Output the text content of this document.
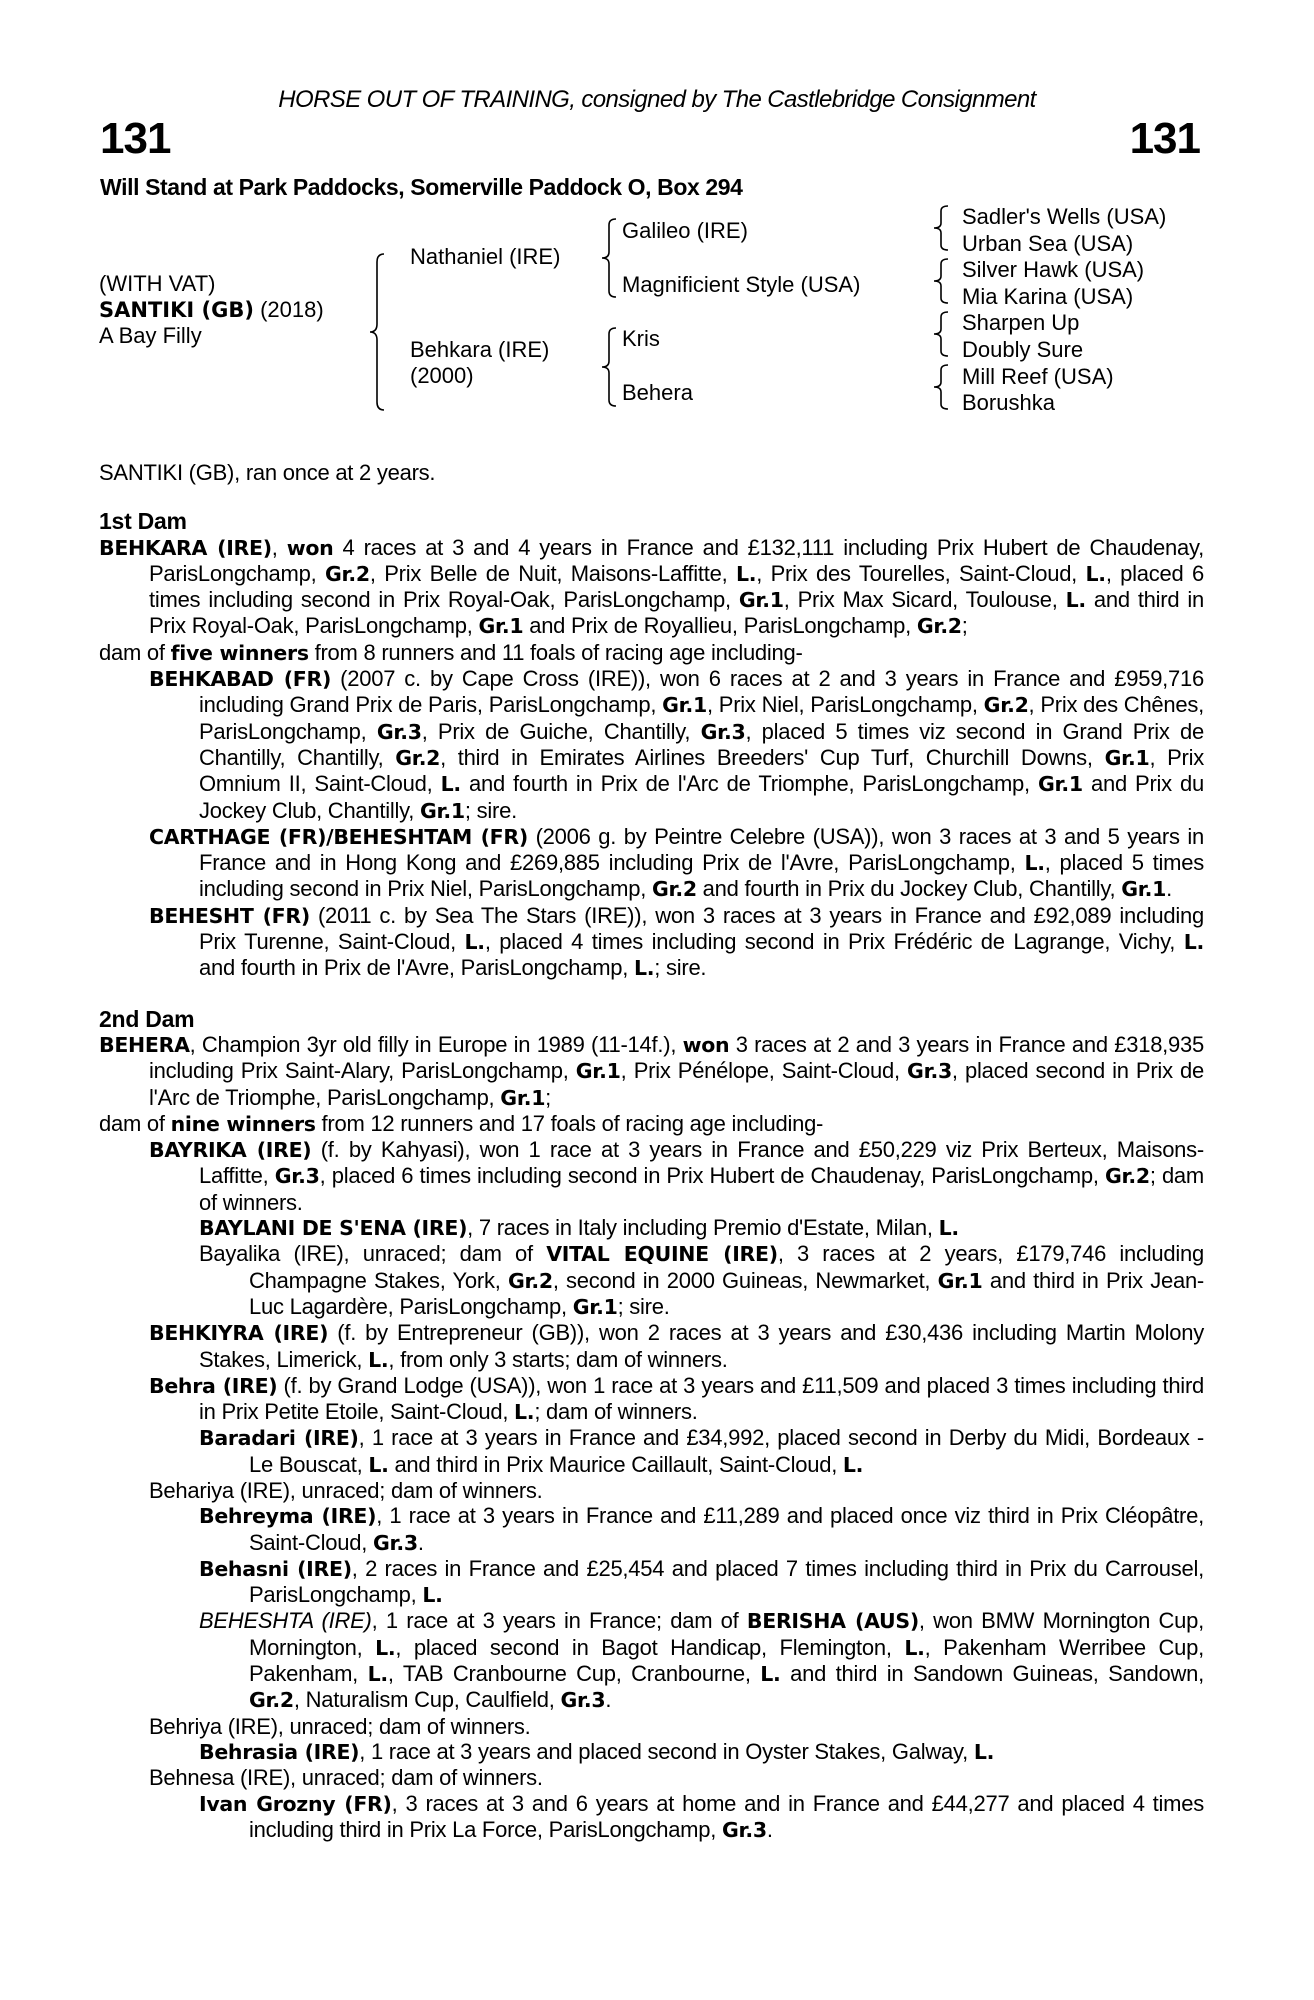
HORSE OUT OF TRAINING, consigned by The Castlebridge Consignment
131	131
Will Stand at Park Paddocks, Somerville Paddock O, Box 294
(WITH VAT)
SANTIKI (GB) (2018)
A Bay Filly
Nathaniel (IRE)
Behkara (IRE)
(2000)
Galileo (IRE)
Magnificient Style (USA)
Kris
Behera
Sadler's Wells (USA)
Urban Sea (USA)
Silver Hawk (USA)
Mia Karina (USA)
Sharpen Up
Doubly Sure
Mill Reef (USA)
Borushka
SANTIKI (GB), ran once at 2 years.
1st Dam
BEHKARA (IRE), won 4 races at 3 and 4 years in France and £132,111 including Prix Hubert de Chaudenay, ParisLongchamp, Gr.2, Prix Belle de Nuit, Maisons-Laffitte, L., Prix des Tourelles, Saint-Cloud, L., placed 6 times including second in Prix Royal-Oak, ParisLongchamp, Gr.1, Prix Max Sicard, Toulouse, L. and third in Prix Royal-Oak, ParisLongchamp, Gr.1 and Prix de Royallieu, ParisLongchamp, Gr.2;
dam of five winners from 8 runners and 11 foals of racing age including-
BEHKABAD (FR) (2007 c. by Cape Cross (IRE)), won 6 races at 2 and 3 years in France and £959,716 including Grand Prix de Paris, ParisLongchamp, Gr.1, Prix Niel, ParisLongchamp, Gr.2, Prix des Chênes, ParisLongchamp, Gr.3, Prix de Guiche, Chantilly, Gr.3, placed 5 times viz second in Grand Prix de Chantilly, Chantilly, Gr.2, third in Emirates Airlines Breeders' Cup Turf, Churchill Downs, Gr.1, Prix Omnium II, Saint-Cloud, L. and fourth in Prix de l'Arc de Triomphe, ParisLongchamp, Gr.1 and Prix du Jockey Club, Chantilly, Gr.1; sire.
CARTHAGE (FR)/BEHESHTAM (FR) (2006 g. by Peintre Celebre (USA)), won 3 races at 3 and 5 years in France and in Hong Kong and £269,885 including Prix de l'Avre, ParisLongchamp, L., placed 5 times including second in Prix Niel, ParisLongchamp, Gr.2 and fourth in Prix du Jockey Club, Chantilly, Gr.1.
BEHESHT (FR) (2011 c. by Sea The Stars (IRE)), won 3 races at 3 years in France and £92,089 including Prix Turenne, Saint-Cloud, L., placed 4 times including second in Prix Frédéric de Lagrange, Vichy, L. and fourth in Prix de l'Avre, ParisLongchamp, L.; sire.
2nd Dam
BEHERA, Champion 3yr old filly in Europe in 1989 (11-14f.), won 3 races at 2 and 3 years in France and £318,935 including Prix Saint-Alary, ParisLongchamp, Gr.1, Prix Pénélope, Saint-Cloud, Gr.3, placed second in Prix de l'Arc de Triomphe, ParisLongchamp, Gr.1;
dam of nine winners from 12 runners and 17 foals of racing age including-
BAYRIKA (IRE) (f. by Kahyasi), won 1 race at 3 years in France and £50,229 viz Prix Berteux, Maisons-Laffitte, Gr.3, placed 6 times including second in Prix Hubert de Chaudenay, ParisLongchamp, Gr.2; dam of winners.
BAYLANI DE S'ENA (IRE), 7 races in Italy including Premio d'Estate, Milan, L.
Bayalika (IRE), unraced; dam of VITAL EQUINE (IRE), 3 races at 2 years, £179,746 including Champagne Stakes, York, Gr.2, second in 2000 Guineas, Newmarket, Gr.1 and third in Prix Jean-Luc Lagardère, ParisLongchamp, Gr.1; sire.
BEHKIYRA (IRE) (f. by Entrepreneur (GB)), won 2 races at 3 years and £30,436 including Martin Molony Stakes, Limerick, L., from only 3 starts; dam of winners.
Behra (IRE) (f. by Grand Lodge (USA)), won 1 race at 3 years and £11,509 and placed 3 times including third in Prix Petite Etoile, Saint-Cloud, L.; dam of winners.
Baradari (IRE), 1 race at 3 years in France and £34,992, placed second in Derby du Midi, Bordeaux - Le Bouscat, L. and third in Prix Maurice Caillault, Saint-Cloud, L.
Behariya (IRE), unraced; dam of winners.
Behreyma (IRE), 1 race at 3 years in France and £11,289 and placed once viz third in Prix Cléopâtre, Saint-Cloud, Gr.3.
Behasni (IRE), 2 races in France and £25,454 and placed 7 times including third in Prix du Carrousel, ParisLongchamp, L.
BEHESHTA (IRE), 1 race at 3 years in France; dam of BERISHA (AUS), won BMW Mornington Cup, Mornington, L., placed second in Bagot Handicap, Flemington, L., Pakenham Werribee Cup, Pakenham, L., TAB Cranbourne Cup, Cranbourne, L. and third in Sandown Guineas, Sandown, Gr.2, Naturalism Cup, Caulfield, Gr.3.
Behriya (IRE), unraced; dam of winners.
Behrasia (IRE), 1 race at 3 years and placed second in Oyster Stakes, Galway, L.
Behnesa (IRE), unraced; dam of winners.
Ivan Grozny (FR), 3 races at 3 and 6 years at home and in France and £44,277 and placed 4 times including third in Prix La Force, ParisLongchamp, Gr.3.
